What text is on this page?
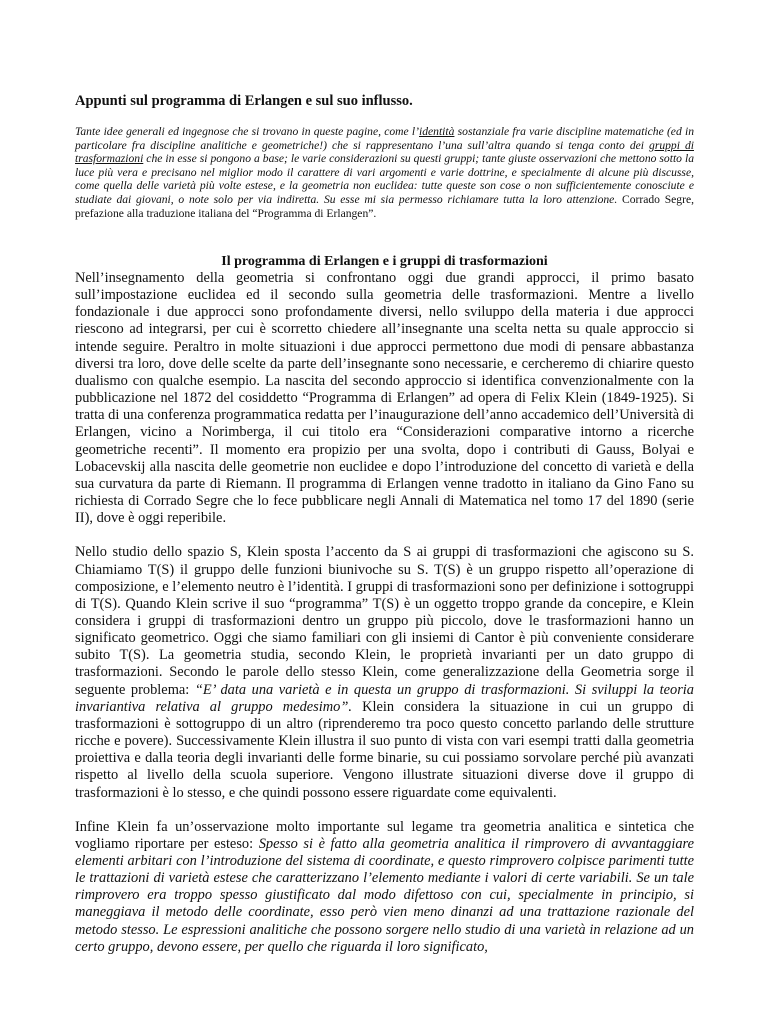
Appunti sul programma di Erlangen e sul suo influsso.

Tante idee generali ed ingegnose che si trovano in queste pagine, come l’identità sostanziale fra varie discipline matematiche (ed in particolare fra discipline analitiche e geometriche!) che si rappresentano l’una sull’altra quando si tenga conto dei gruppi di trasformazioni che in esse si pongono a base; le varie considerazioni su questi gruppi; tante giuste osservazioni che mettono sotto la luce più vera e precisano nel miglior modo il carattere di vari argomenti e varie dottrine, e specialmente di alcune più discusse, come quella delle varietà più volte estese, e la geometria non euclidea: tutte queste son cose o non sufficientemente conosciute e studiate dai giovani, o note solo per via indiretta. Su esse mi sia permesso richiamare tutta la loro attenzione. Corrado Segre, prefazione alla traduzione italiana del “Programma di Erlangen”.

Il programma di Erlangen e i gruppi di trasformazioni

Nell’insegnamento della geometria si confrontano oggi due grandi approcci, il primo basato sull’impostazione euclidea ed il secondo sulla geometria delle trasformazioni. Mentre a livello fondazionale i due approcci sono profondamente diversi, nello sviluppo della materia i due approcci riescono ad integrarsi, per cui è scorretto chiedere all’insegnante una scelta netta su quale approccio si intende seguire. Peraltro in molte situazioni i due approcci permettono due modi di pensare abbastanza diversi tra loro, dove delle scelte da parte dell’insegnante sono necessarie, e cercheremo di chiarire questo dualismo con qualche esempio. La nascita del secondo approccio si identifica convenzionalmente con la pubblicazione nel 1872 del cosiddetto “Programma di Erlangen” ad opera di Felix Klein (1849-1925). Si tratta di una conferenza programmatica redatta per l’inaugurazione dell’anno accademico dell’Università di Erlangen, vicino a Norimberga, il cui titolo era “Considerazioni comparative intorno a ricerche geometriche recenti”. Il momento era propizio per una svolta, dopo i contributi di Gauss, Bolyai e Lobacevskij alla nascita delle geometrie non euclidee e dopo l’introduzione del concetto di varietà e della sua curvatura da parte di Riemann. Il programma di Erlangen venne tradotto in italiano da Gino Fano su richiesta di Corrado Segre che lo fece pubblicare negli Annali di Matematica nel tomo 17 del 1890 (serie II), dove è oggi reperibile.

Nello studio dello spazio S, Klein sposta l’accento da S ai gruppi di trasformazioni che agiscono su S. Chiamiamo T(S) il gruppo delle funzioni biunivoche su S. T(S) è un gruppo rispetto all’operazione di composizione, e l’elemento neutro è l’identità. I gruppi di trasformazioni sono per definizione i sottogruppi di T(S). Quando Klein scrive il suo “programma” T(S) è un oggetto troppo grande da concepire, e Klein considera i gruppi di trasformazioni dentro un gruppo più piccolo, dove le trasformazioni hanno un significato geometrico. Oggi che siamo familiari con gli insiemi di Cantor è più conveniente considerare subito T(S). La geometria studia, secondo Klein, le proprietà invarianti per un dato gruppo di trasformazioni. Secondo le parole dello stesso Klein, come generalizzazione della Geometria sorge il seguente problema: “E’ data una varietà e in questa un gruppo di trasformazioni. Si sviluppi la teoria invariantiva relativa al gruppo medesimo”. Klein considera la situazione in cui un gruppo di trasformazioni è sottogruppo di un altro (riprenderemo tra poco questo concetto parlando delle strutture ricche e povere). Successivamente Klein illustra il suo punto di vista con vari esempi tratti dalla geometria proiettiva e dalla teoria degli invarianti delle forme binarie, su cui possiamo sorvolare perché più avanzati rispetto al livello della scuola superiore. Vengono illustrate situazioni diverse dove il gruppo di trasformazioni è lo stesso, e che quindi possono essere riguardate come equivalenti.

Infine Klein fa un’osservazione molto importante sul legame tra geometria analitica e sintetica che vogliamo riportare per esteso: Spesso si è fatto alla geometria analitica il rimprovero di avvantaggiare elementi arbitari con l’introduzione del sistema di coordinate, e questo rimprovero colpisce parimenti tutte le trattazioni di varietà estese che caratterizzano l’elemento mediante i valori di certe variabili. Se un tale rimprovero era troppo spesso giustificato dal modo difettoso con cui, specialmente in principio, si maneggiava il metodo delle coordinate, esso però vien meno dinanzi ad una trattazione razionale del metodo stesso. Le espressioni analitiche che possono sorgere nello studio di una varietà in relazione ad un certo gruppo, devono essere, per quello che riguarda il loro significato,
